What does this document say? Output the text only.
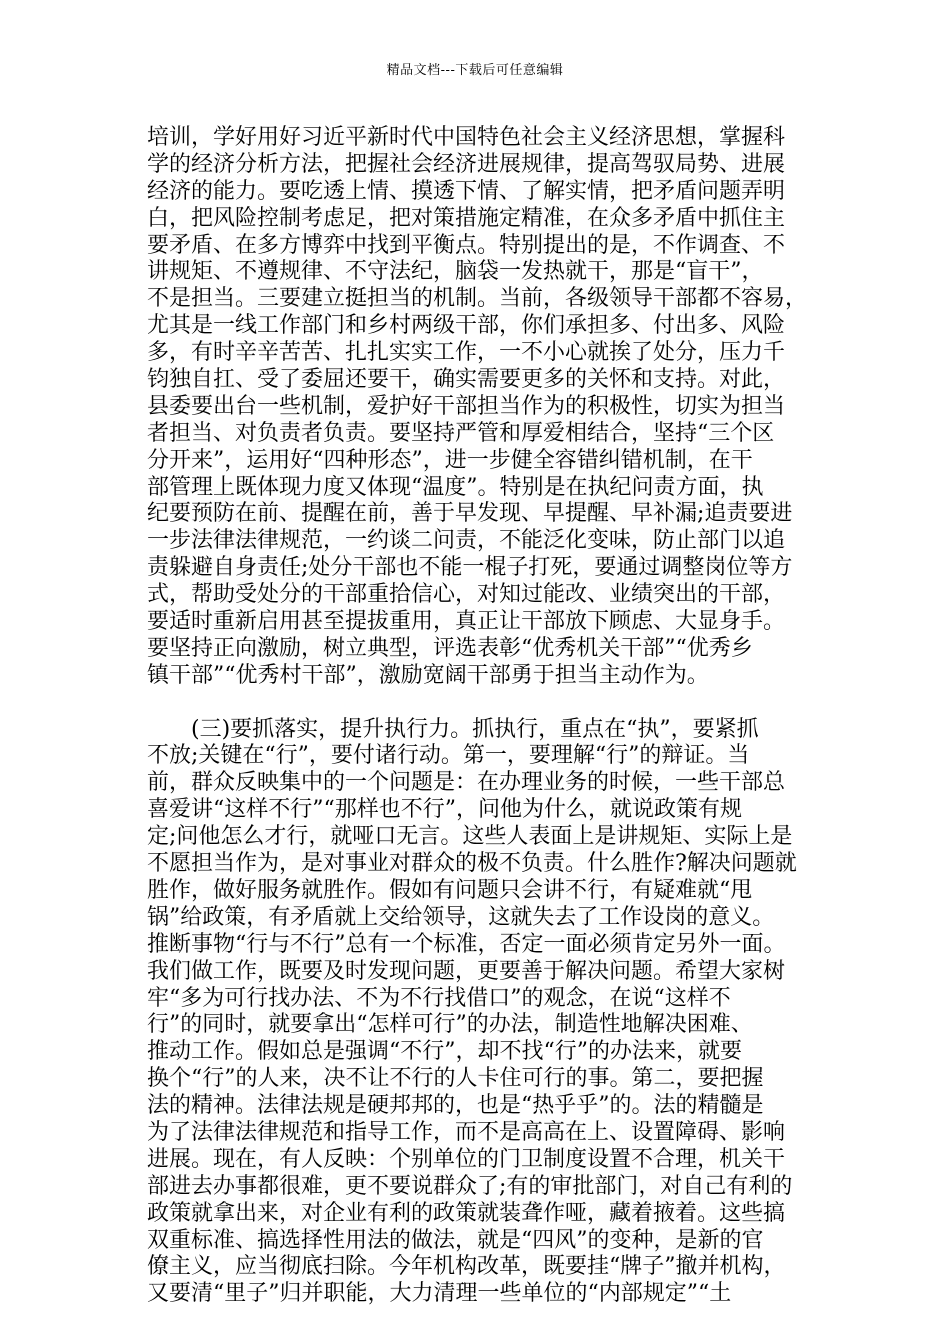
精品文档---下载后可任意编辑
培训，学好用好习近平新时代中国特色社会主义经济思想，掌握科
学的经济分析方法，把握社会经济进展规律，提高驾驭局势、进展
经济的能力。要吃透上情、摸透下情、了解实情，把矛盾问题弄明
白，把风险控制考虑足，把对策措施定精准，在众多矛盾中抓住主
要矛盾、在多方博弈中找到平衡点。特别提出的是，不作调查、不
讲规矩、不遵规律、不守法纪，脑袋一发热就干，那是“盲干”，
不是担当。三要建立挺担当的机制。当前，各级领导干部都不容易，
尤其是一线工作部门和乡村两级干部，你们承担多、付出多、风险
多，有时辛辛苦苦、扎扎实实工作，一不小心就挨了处分，压力千
钧独自扛、受了委屈还要干，确实需要更多的关怀和支持。对此，
县委要出台一些机制，爱护好干部担当作为的积极性，切实为担当
者担当、对负责者负责。要坚持严管和厚爱相结合，坚持“三个区
分开来”，运用好“四种形态”，进一步健全容错纠错机制，在干
部管理上既体现力度又体现“温度”。特别是在执纪问责方面，执
纪要预防在前、提醒在前，善于早发现、早提醒、早补漏;追责要进
一步法律法律规范，一约谈二问责，不能泛化变味，防止部门以追
责躲避自身责任;处分干部也不能一棍子打死，要通过调整岗位等方
式，帮助受处分的干部重拾信心，对知过能改、业绩突出的干部，
要适时重新启用甚至提拔重用，真正让干部放下顾虑、大显身手。
要坚持正向激励，树立典型，评选表彰“优秀机关干部”“优秀乡
镇干部”“优秀村干部”，激励宽阔干部勇于担当主动作为。
　　(三)要抓落实，提升执行力。抓执行，重点在“执”，要紧抓
不放;关键在“行”，要付诸行动。第一，要理解“行”的辩证。当
前，群众反映集中的一个问题是：在办理业务的时候，一些干部总
喜爱讲“这样不行”“那样也不行”，问他为什么，就说政策有规
定;问他怎么才行，就哑口无言。这些人表面上是讲规矩、实际上是
不愿担当作为，是对事业对群众的极不负责。什么胜作?解决问题就
胜作，做好服务就胜作。假如有问题只会讲不行，有疑难就“甩
锅”给政策，有矛盾就上交给领导，这就失去了工作设岗的意义。
推断事物“行与不行”总有一个标准，否定一面必须肯定另外一面。
我们做工作，既要及时发现问题，更要善于解决问题。希望大家树
牢“多为可行找办法、不为不行找借口”的观念，在说“这样不
行”的同时，就要拿出“怎样可行”的办法，制造性地解决困难、
推动工作。假如总是强调“不行”，却不找“行”的办法来，就要
换个“行”的人来，决不让不行的人卡住可行的事。第二，要把握
法的精神。法律法规是硬邦邦的，也是“热乎乎”的。法的精髓是
为了法律法律规范和指导工作，而不是高高在上、设置障碍、影响
进展。现在，有人反映：个别单位的门卫制度设置不合理，机关干
部进去办事都很难，更不要说群众了;有的审批部门，对自己有利的
政策就拿出来，对企业有利的政策就装聋作哑，藏着掖着。这些搞
双重标准、搞选择性用法的做法，就是“四风”的变种，是新的官
僚主义，应当彻底扫除。今年机构改革，既要挂“牌子”撤并机构，
又要清“里子”归并职能，大力清理一些单位的“内部规定”“土
